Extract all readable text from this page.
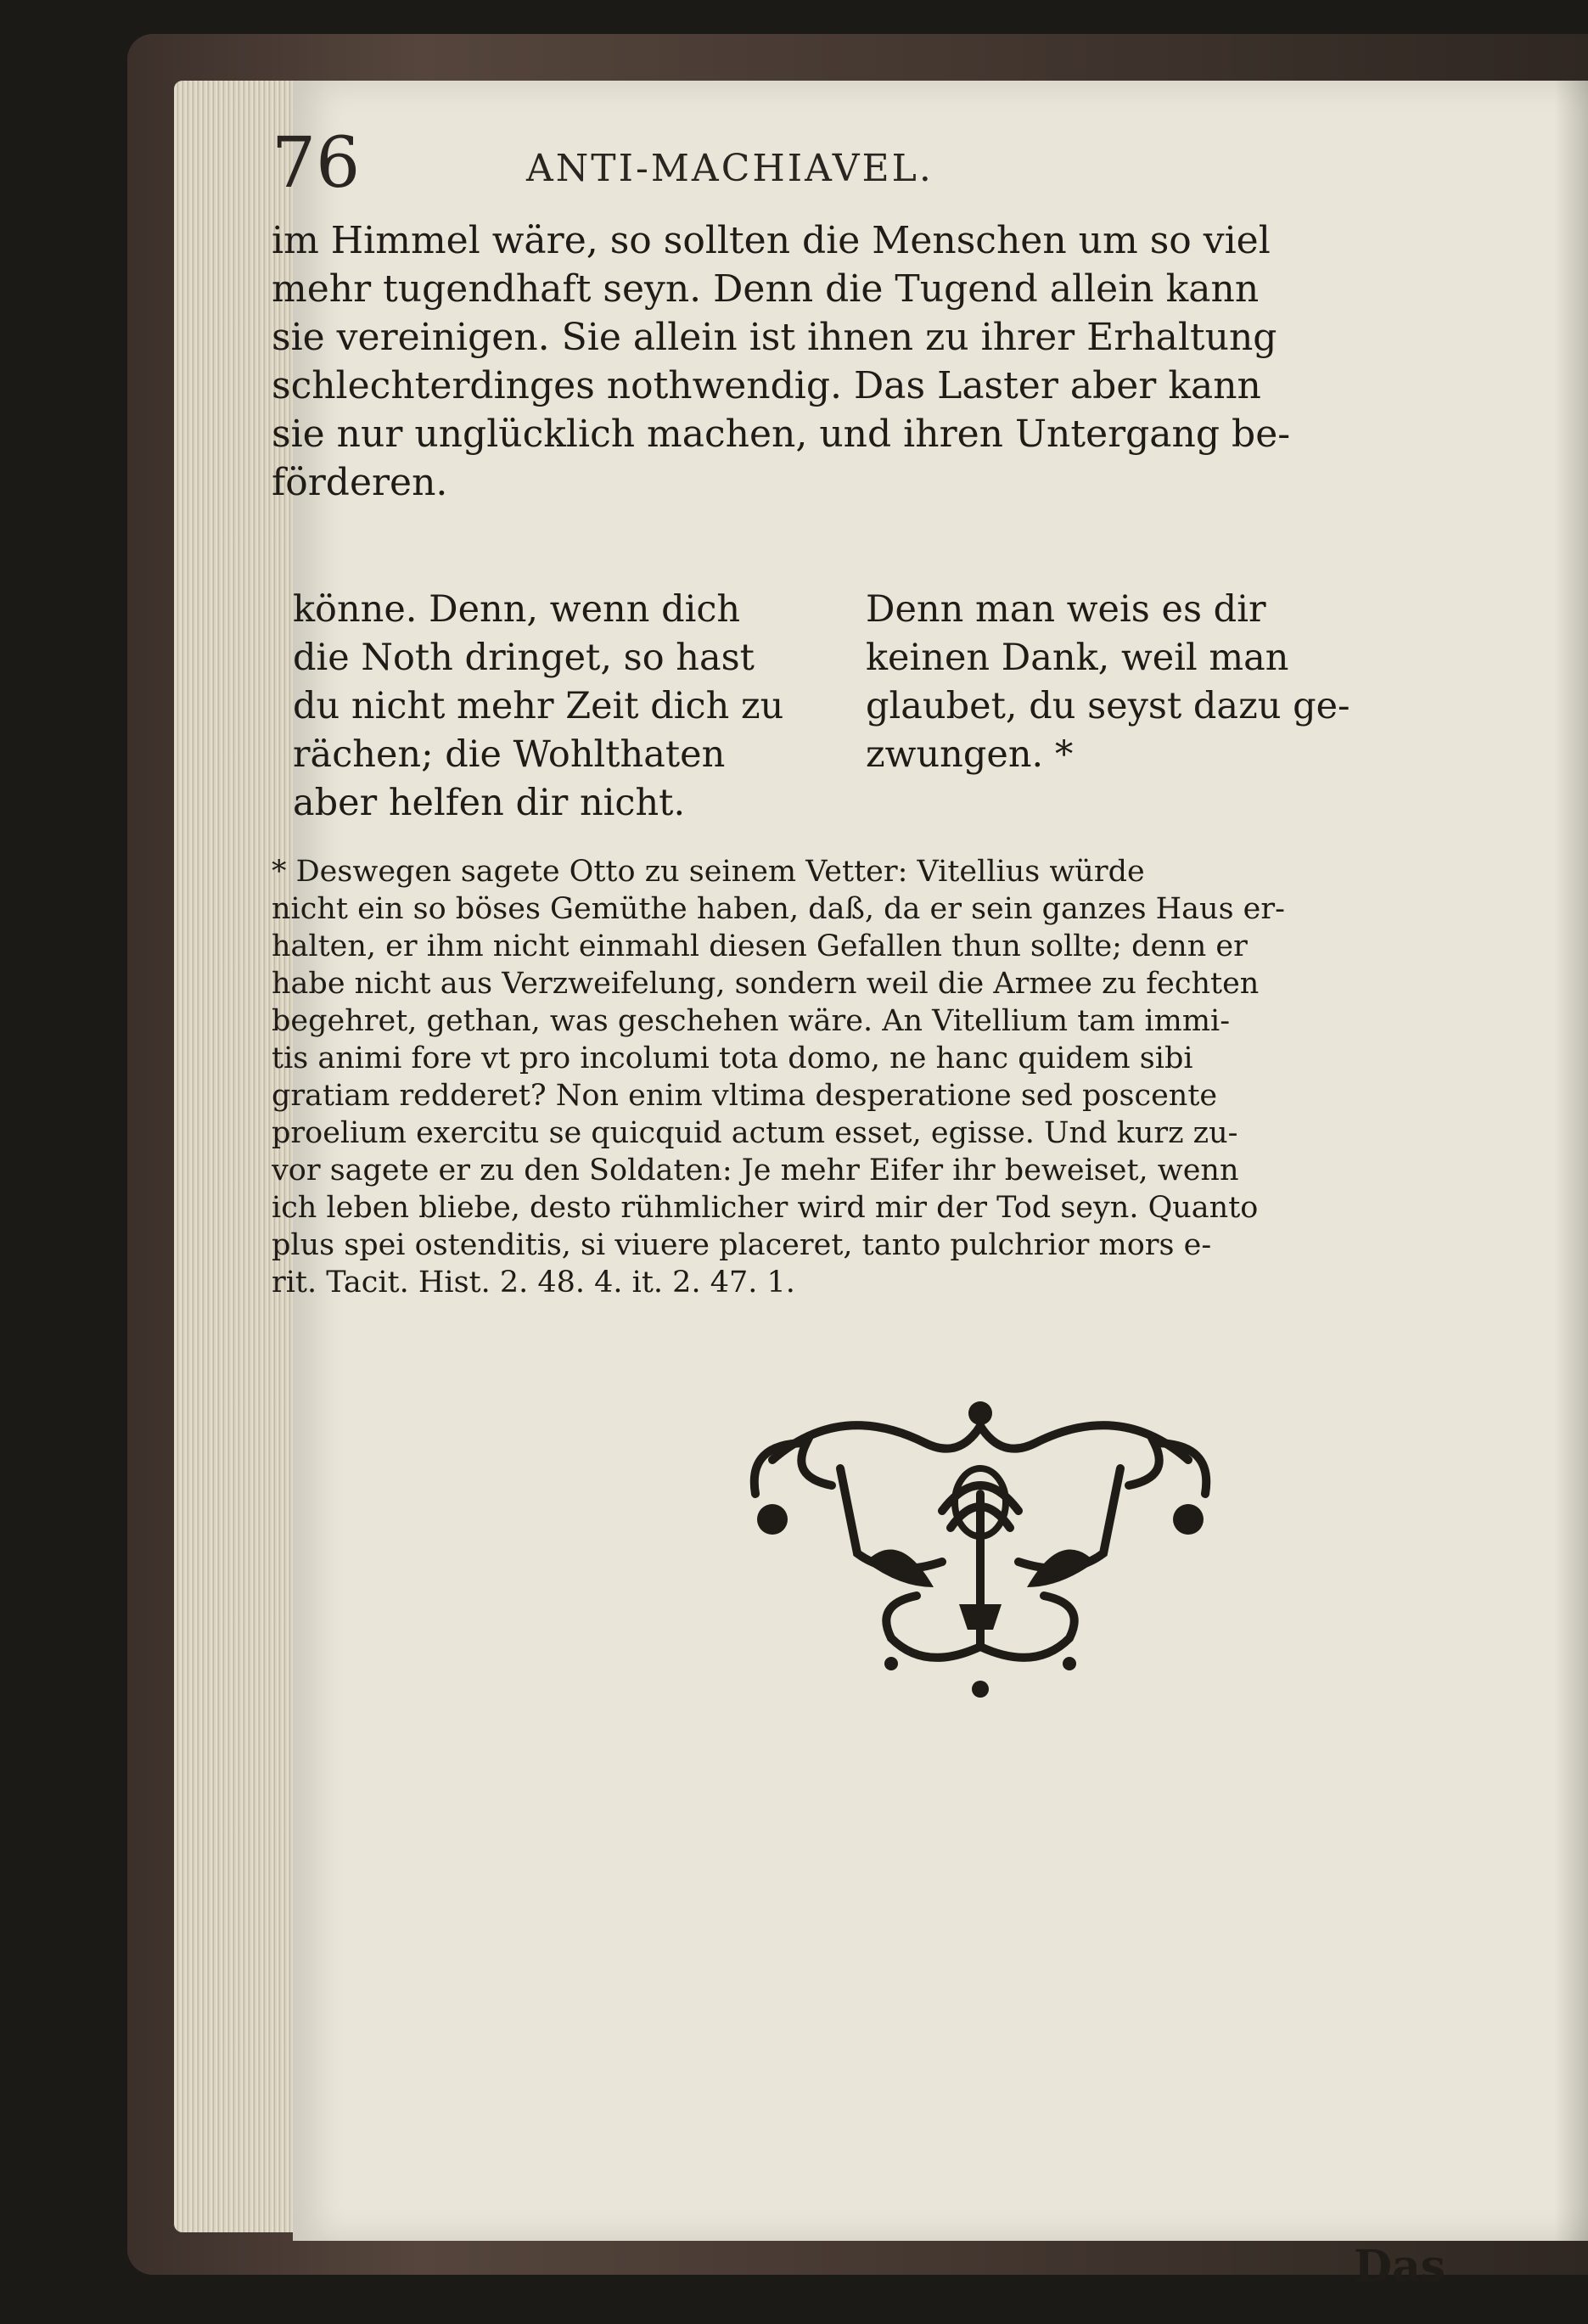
76	ANTI-MACHIAVEL.
im Himmel wäre, so sollten die Menschen um so viel
mehr tugendhaft seyn. Denn die Tugend allein kann
sie vereinigen. Sie allein ist ihnen zu ihrer Erhaltung
schlechterdinges nothwendig. Das Laster aber kann
sie nur unglücklich machen, und ihren Untergang be-
förderen.
könne. Denn, wenn dich
die Noth dringet, so hast
du nicht mehr Zeit dich zu
rächen; die Wohlthaten
aber helfen dir nicht.
Denn man weis es dir
keinen Dank, weil man
glaubet, du seyst dazu ge-
zwungen. *
* Deswegen sagete Otto zu seinem Vetter: Vitellius würde
nicht ein so böses Gemüthe haben, daß, da er sein ganzes Haus er-
halten, er ihm nicht einmahl diesen Gefallen thun sollte; denn er
habe nicht aus Verzweifelung, sondern weil die Armee zu fechten
begehret, gethan, was geschehen wäre. An Vitellium tam immi-
tis animi fore vt pro incolumi tota domo, ne hanc quidem sibi
gratiam redderet? Non enim vltima desperatione sed poscente
proelium exercitu se quicquid actum esset, egisse. Und kurz zu-
vor sagete er zu den Soldaten: Je mehr Eifer ihr beweiset, wenn
ich leben bliebe, desto rühmlicher wird mir der Tod seyn. Quanto
plus spei ostenditis, si viuere placeret, tanto pulchrior mors e-
rit. Tacit. Hist. 2. 48. 4. it. 2. 47. 1.
Das
